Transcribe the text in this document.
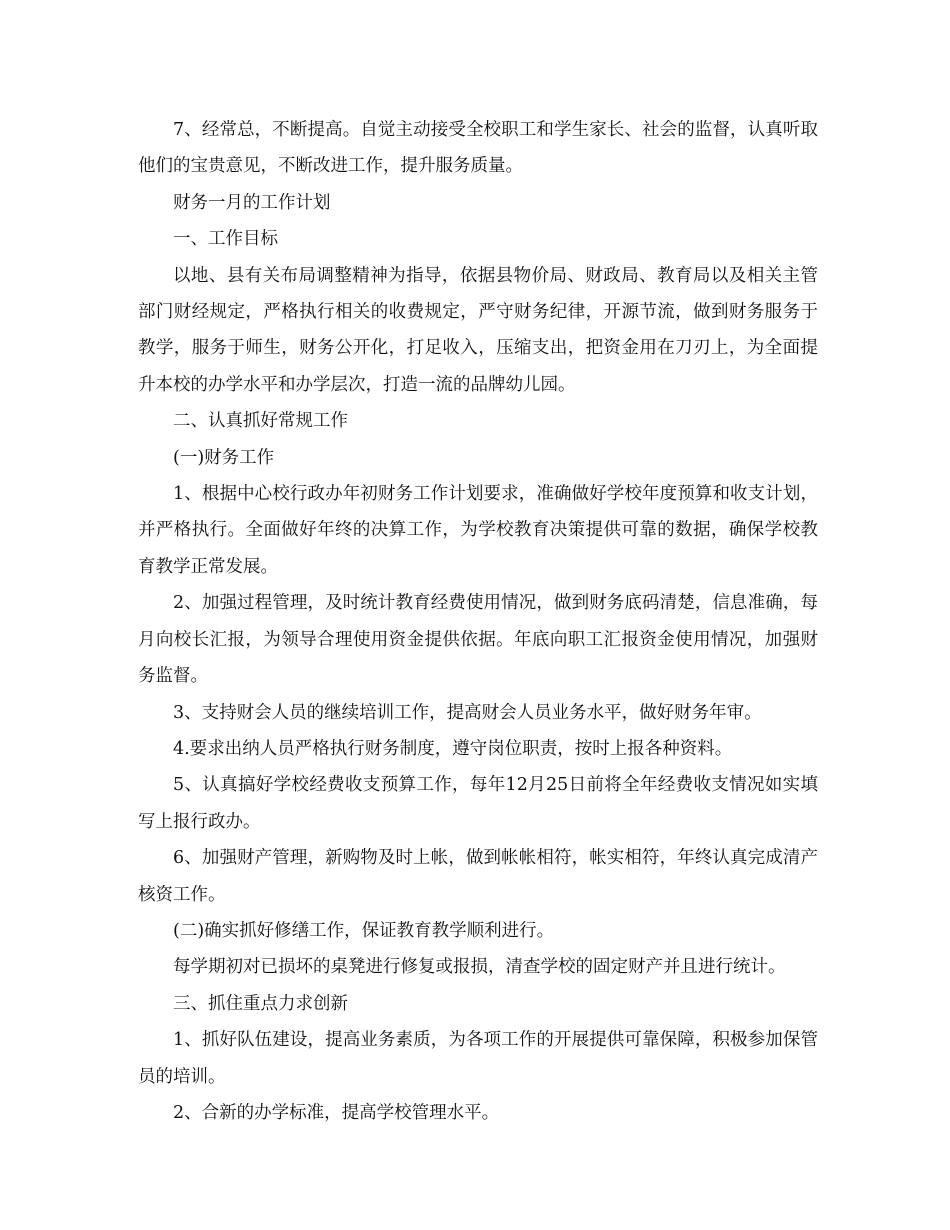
7、经常总，不断提高。自觉主动接受全校职工和学生家长、社会的监督，认真听取他们的宝贵意见，不断改进工作，提升服务质量。

财务一月的工作计划

一、工作目标

以地、县有关布局调整精神为指导，依据县物价局、财政局、教育局以及相关主管部门财经规定，严格执行相关的收费规定，严守财务纪律，开源节流，做到财务服务于教学，服务于师生，财务公开化，打足收入，压缩支出，把资金用在刀刃上，为全面提升本校的办学水平和办学层次，打造一流的品牌幼儿园。

二、认真抓好常规工作

(一)财务工作

1、根据中心校行政办年初财务工作计划要求，准确做好学校年度预算和收支计划，并严格执行。全面做好年终的决算工作，为学校教育决策提供可靠的数据，确保学校教育教学正常发展。

2、加强过程管理，及时统计教育经费使用情况，做到财务底码清楚，信息准确，每月向校长汇报，为领导合理使用资金提供依据。年底向职工汇报资金使用情况，加强财务监督。

3、支持财会人员的继续培训工作，提高财会人员业务水平，做好财务年审。

4.要求出纳人员严格执行财务制度，遵守岗位职责，按时上报各种资料。

5、认真搞好学校经费收支预算工作，每年12月25日前将全年经费收支情况如实填写上报行政办。

6、加强财产管理，新购物及时上帐，做到帐帐相符，帐实相符，年终认真完成清产核资工作。

(二)确实抓好修缮工作，保证教育教学顺利进行。

每学期初对已损坏的桌凳进行修复或报损，清查学校的固定财产并且进行统计。

三、抓住重点力求创新

1、抓好队伍建设，提高业务素质，为各项工作的开展提供可靠保障，积极参加保管员的培训。

2、合新的办学标准，提高学校管理水平。
